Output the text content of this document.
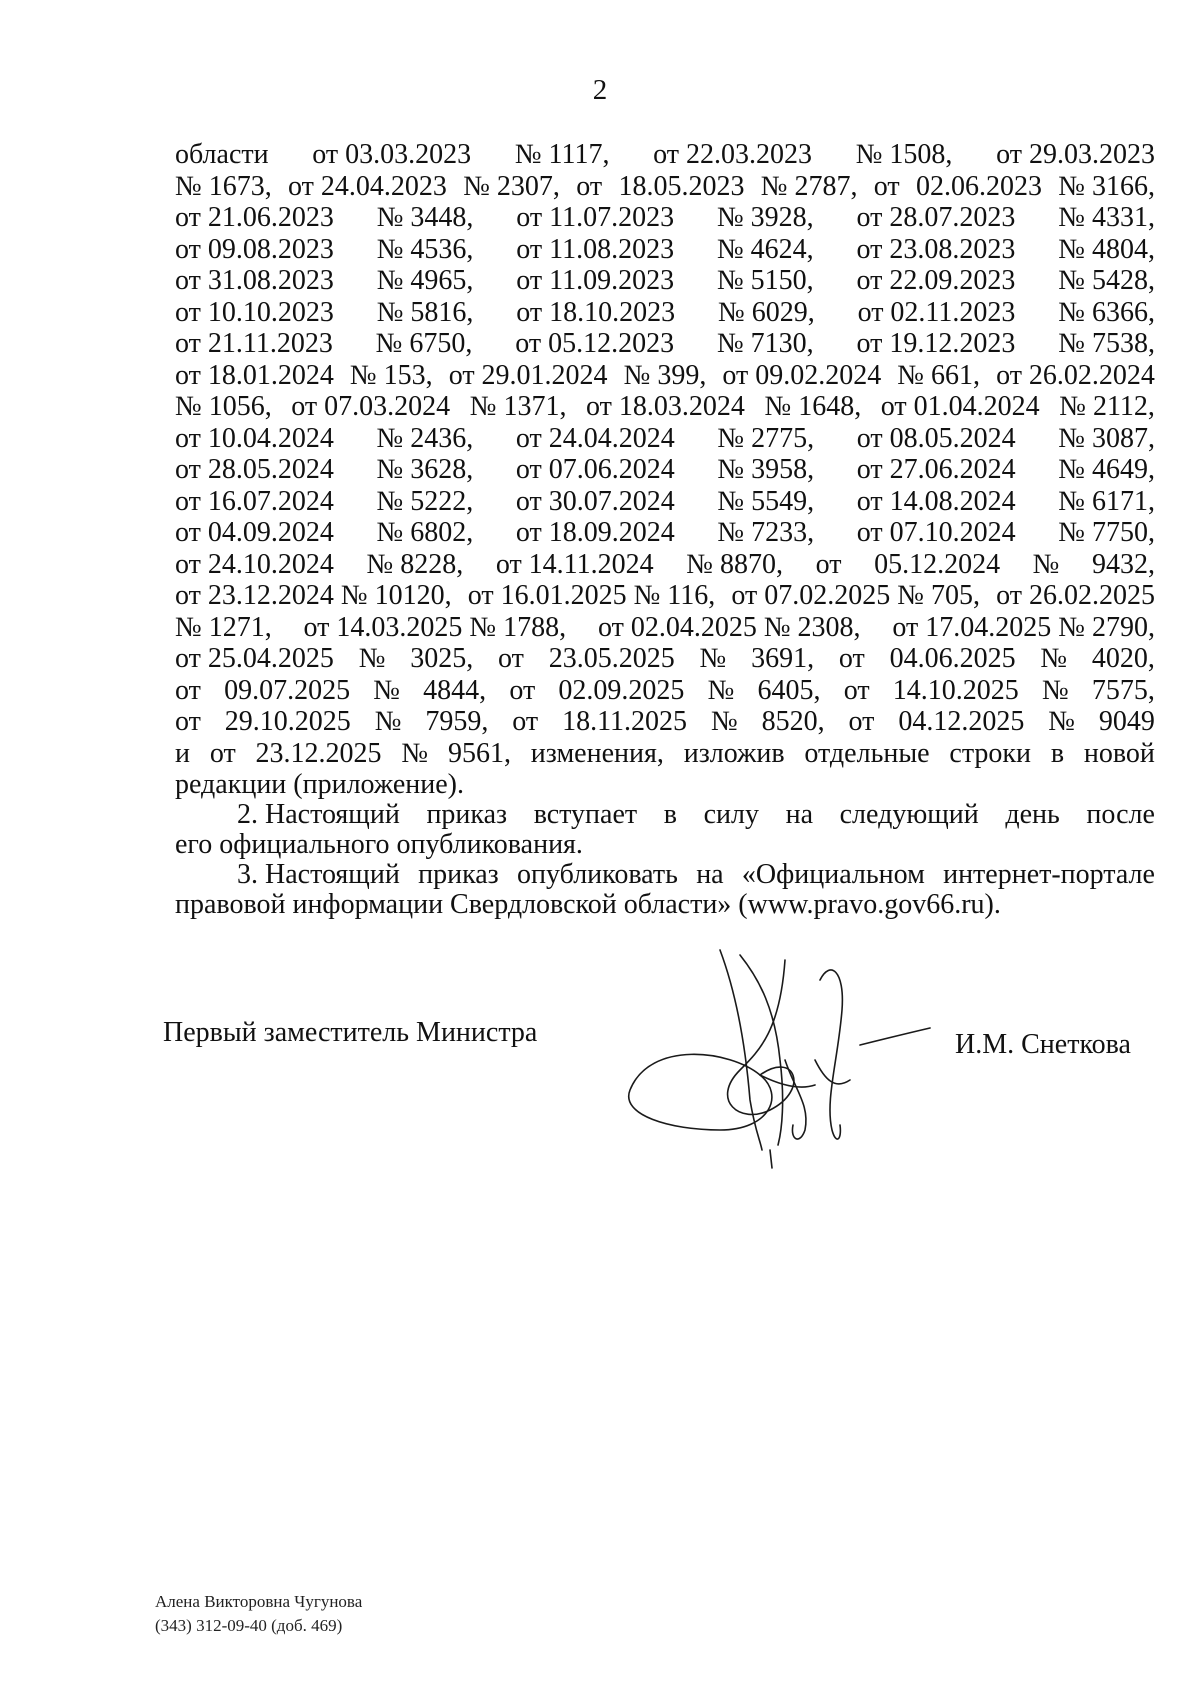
2
области от 03.03.2023 № 1117, от 22.03.2023 № 1508, от 29.03.2023
№ 1673, от 24.04.2023 № 2307, от 18.05.2023 № 2787, от 02.06.2023 № 3166,
от 21.06.2023 № 3448, от 11.07.2023 № 3928, от 28.07.2023 № 4331,
от 09.08.2023 № 4536, от 11.08.2023 № 4624, от 23.08.2023 № 4804,
от 31.08.2023 № 4965, от 11.09.2023 № 5150, от 22.09.2023 № 5428,
от 10.10.2023 № 5816, от 18.10.2023 № 6029, от 02.11.2023 № 6366,
от 21.11.2023 № 6750, от 05.12.2023 № 7130, от 19.12.2023 № 7538,
от 18.01.2024 № 153, от 29.01.2024 № 399, от 09.02.2024 № 661, от 26.02.2024
№ 1056, от 07.03.2024 № 1371, от 18.03.2024 № 1648, от 01.04.2024 № 2112,
от 10.04.2024 № 2436, от 24.04.2024 № 2775, от 08.05.2024 № 3087,
от 28.05.2024 № 3628, от 07.06.2024 № 3958, от 27.06.2024 № 4649,
от 16.07.2024 № 5222, от 30.07.2024 № 5549, от 14.08.2024 № 6171,
от 04.09.2024 № 6802, от 18.09.2024 № 7233, от 07.10.2024 № 7750,
от 24.10.2024 № 8228, от 14.11.2024 № 8870, от 05.12.2024 № 9432,
от 23.12.2024 № 10120, от 16.01.2025 № 116, от 07.02.2025 № 705, от 26.02.2025
№ 1271, от 14.03.2025 № 1788, от 02.04.2025 № 2308, от 17.04.2025 № 2790,
от 25.04.2025 № 3025, от 23.05.2025 № 3691, от 04.06.2025 № 4020,
от 09.07.2025 № 4844, от 02.09.2025 № 6405, от 14.10.2025 № 7575,
от 29.10.2025 № 7959, от 18.11.2025 № 8520, от 04.12.2025 № 9049
и от 23.12.2025 № 9561, изменения, изложив отдельные строки в новой
редакции (приложение).
2. Настоящий приказ вступает в силу на следующий день после
его официального опубликования.
3. Настоящий приказ опубликовать на «Официальном интернет-портале
правовой информации Свердловской области» (www.pravo.gov66.ru).
Первый заместитель Министра	И.М. Снеткова
Алена Викторовна Чугунова
(343) 312-09-40 (доб. 469)
